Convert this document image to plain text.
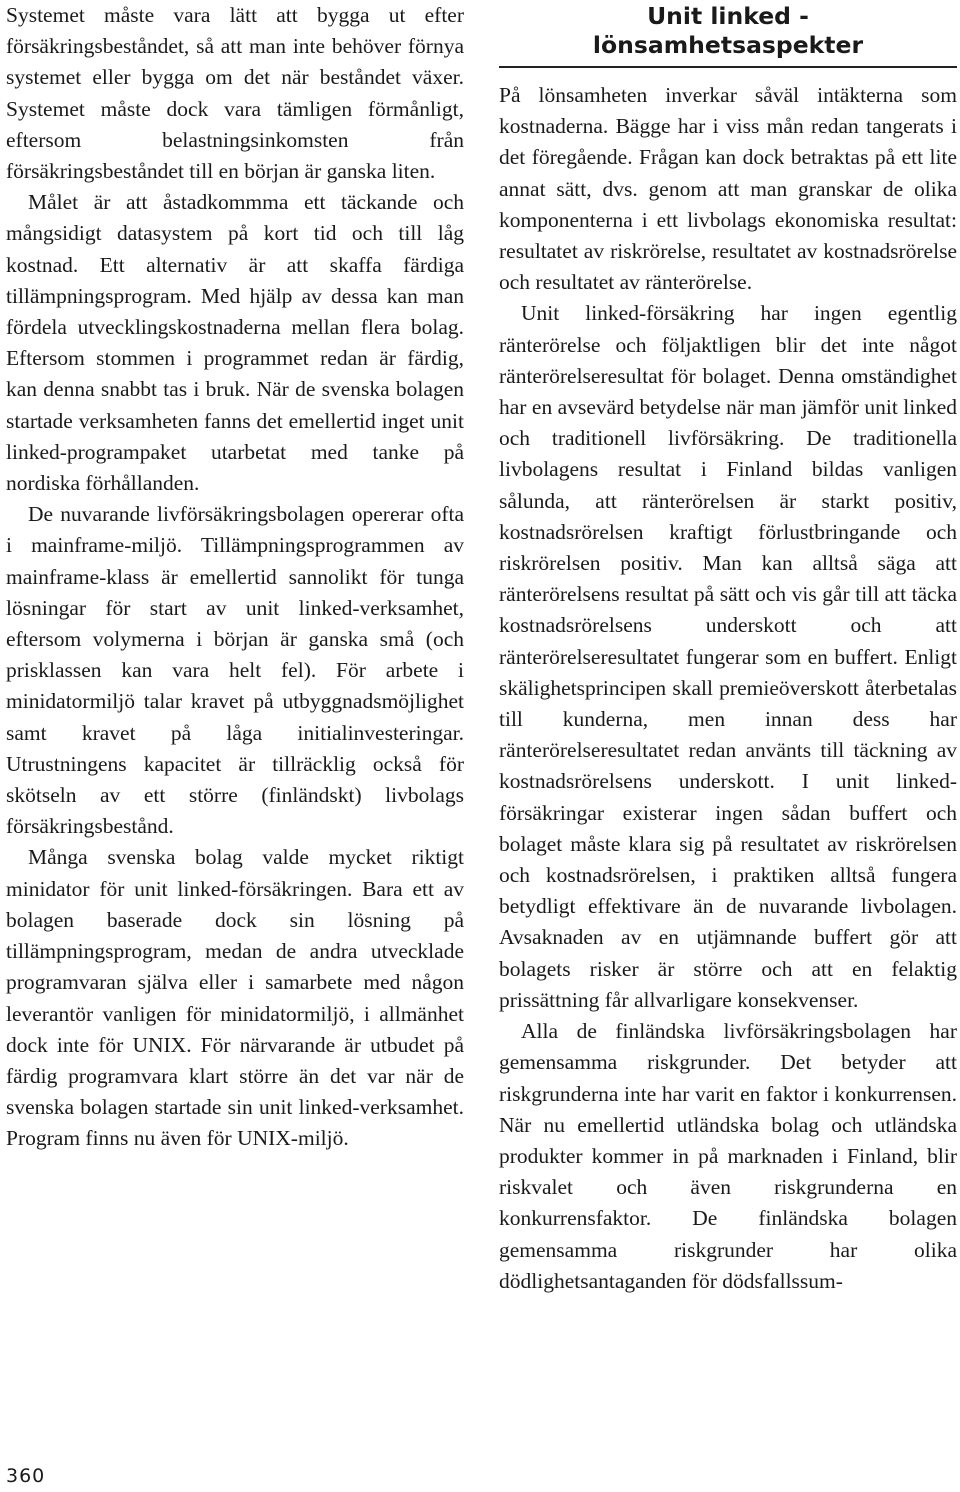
Systemet måste vara lätt att bygga ut efter försäkringsbeståndet, så att man inte behöver förnya systemet eller bygga om det när beståndet växer. Systemet måste dock vara tämligen förmånligt, eftersom belastningsinkomsten från försäkringsbeståndet till en början är ganska liten.

Målet är att åstadkommma ett täckande och mångsidigt datasystem på kort tid och till låg kostnad. Ett alternativ är att skaffa färdiga tillämpningsprogram. Med hjälp av dessa kan man fördela utvecklingskostnaderna mellan flera bolag. Eftersom stommen i programmet redan är färdig, kan denna snabbt tas i bruk. När de svenska bolagen startade verksamheten fanns det emellertid inget unit linked-programpaket utarbetat med tanke på nordiska förhållanden.

De nuvarande livförsäkringsbolagen opererar ofta i mainframe-miljö. Tillämpningsprogrammen av mainframe-klass är emellertid sannolikt för tunga lösningar för start av unit linked-verksamhet, eftersom volymerna i början är ganska små (och prisklassen kan vara helt fel). För arbete i minidatormiljö talar kravet på utbyggnadsmöjlighet samt kravet på låga initialinvesteringar. Utrustningens kapacitet är tillräcklig också för skötseln av ett större (finländskt) livbolags försäkringsbestånd.

Många svenska bolag valde mycket riktigt minidator för unit linked-försäkringen. Bara ett av bolagen baserade dock sin lösning på tillämpningsprogram, medan de andra utvecklade programvaran själva eller i samarbete med någon leverantör vanligen för minidatormiljö, i allmänhet dock inte för UNIX. För närvarande är utbudet på färdig programvara klart större än det var när de svenska bolagen startade sin unit linked-verksamhet. Program finns nu även för UNIX-miljö.

Unit linked -
lönsamhetsaspekter

På lönsamheten inverkar såväl intäkterna som kostnaderna. Bägge har i viss mån redan tangerats i det föregående. Frågan kan dock betraktas på ett lite annat sätt, dvs. genom att man granskar de olika komponenterna i ett livbolags ekonomiska resultat: resultatet av riskrörelse, resultatet av kostnadsrörelse och resultatet av ränterörelse.

Unit linked-försäkring har ingen egentlig ränterörelse och följaktligen blir det inte något ränterörelseresultat för bolaget. Denna omständighet har en avsevärd betydelse när man jämför unit linked och traditionell livförsäkring. De traditionella livbolagens resultat i Finland bildas vanligen sålunda, att ränterörelsen är starkt positiv, kostnadsrörelsen kraftigt förlustbringande och riskrörelsen positiv. Man kan alltså säga att ränterörelsens resultat på sätt och vis går till att täcka kostnadsrörelsens underskott och att ränterörelseresultatet fungerar som en buffert. Enligt skälighetsprincipen skall premieöverskott återbetalas till kunderna, men innan dess har ränterörelseresultatet redan använts till täckning av kostnadsrörelsens underskott. I unit linked-försäkringar existerar ingen sådan buffert och bolaget måste klara sig på resultatet av riskrörelsen och kostnadsrörelsen, i praktiken alltså fungera betydligt effektivare än de nuvarande livbolagen. Avsaknaden av en utjämnande buffert gör att bolagets risker är större och att en felaktig prissättning får allvarligare konsekvenser.

Alla de finländska livförsäkringsbolagen har gemensamma riskgrunder. Det betyder att riskgrunderna inte har varit en faktor i konkurrensen. När nu emellertid utländska bolag och utländska produkter kommer in på marknaden i Finland, blir riskvalet och även riskgrunderna en konkurrensfaktor. De finländska bolagen gemensamma riskgrunder har olika dödlighetsantaganden för dödsfallssum-

360
